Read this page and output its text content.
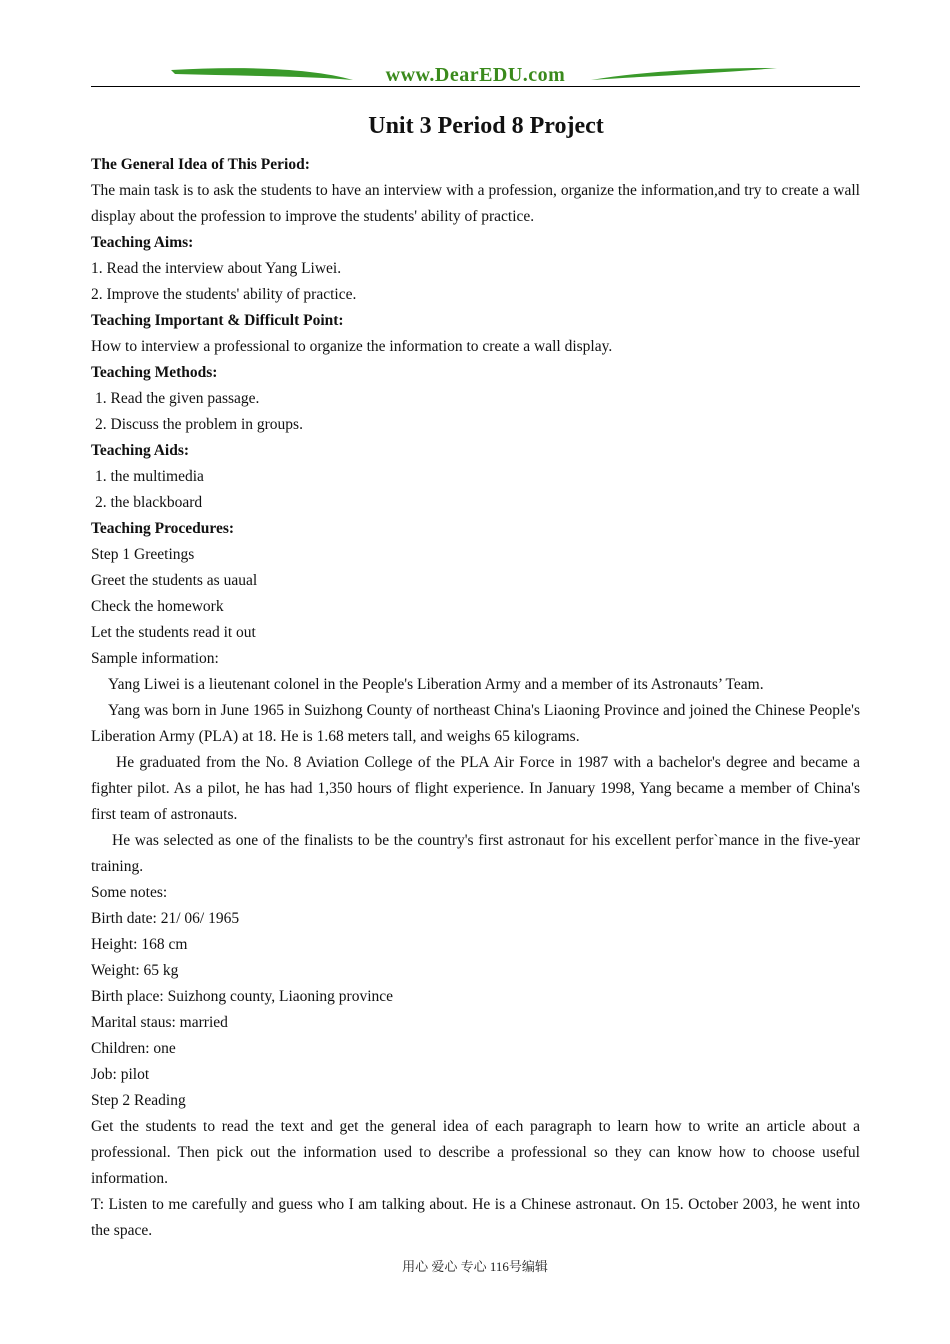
www.DearEDU.com
Unit 3 Period 8 Project

The General Idea of This Period:

The main task is to ask the students to have an interview with a profession, organize the information,and try to create a wall display about the profession to improve the students' ability of practice.

Teaching Aims:

1. Read the interview about Yang Liwei.

2. Improve the students' ability of practice.

Teaching Important & Difficult Point:

How to interview a professional to organize the information to create a wall display.

Teaching Methods:

1. Read the given passage.

2. Discuss the problem in groups.

Teaching Aids:

1. the multimedia

2. the blackboard

Teaching Procedures:

Step 1 Greetings

Greet the students as uaual

Check the homework

Let the students read it out

Sample information:

Yang Liwei is a lieutenant colonel in the People's Liberation Army and a member of its Astronauts’ Team.

Yang was born in June 1965 in Suizhong County of northeast China's Liaoning Province and joined the Chinese People's Liberation Army (PLA) at 18. He is 1.68 meters tall, and weighs 65 kilograms.

He graduated from the No. 8 Aviation College of the PLA Air Force in 1987 with a bachelor's degree and became a fighter pilot. As a pilot, he has had 1,350 hours of flight experience. In January 1998, Yang became a member of China's first team of astronauts.

He was selected as one of the finalists to be the country's first astronaut for his excellent perfor`mance in the five-year training.

Some notes:

Birth date: 21/ 06/ 1965

Height: 168 cm

Weight: 65 kg

Birth place: Suizhong county, Liaoning province

Marital staus: married

Children: one

Job: pilot

Step 2 Reading

Get the students to read the text and get the general idea of each paragraph to learn how to write an article about a professional. Then pick out the information used to describe a professional so they can know how to choose useful information.

T: Listen to me carefully and guess who I am talking about. He is a Chinese astronaut. On 15. October 2003, he went into the space.

用心 爱心 专心 116号编辑
